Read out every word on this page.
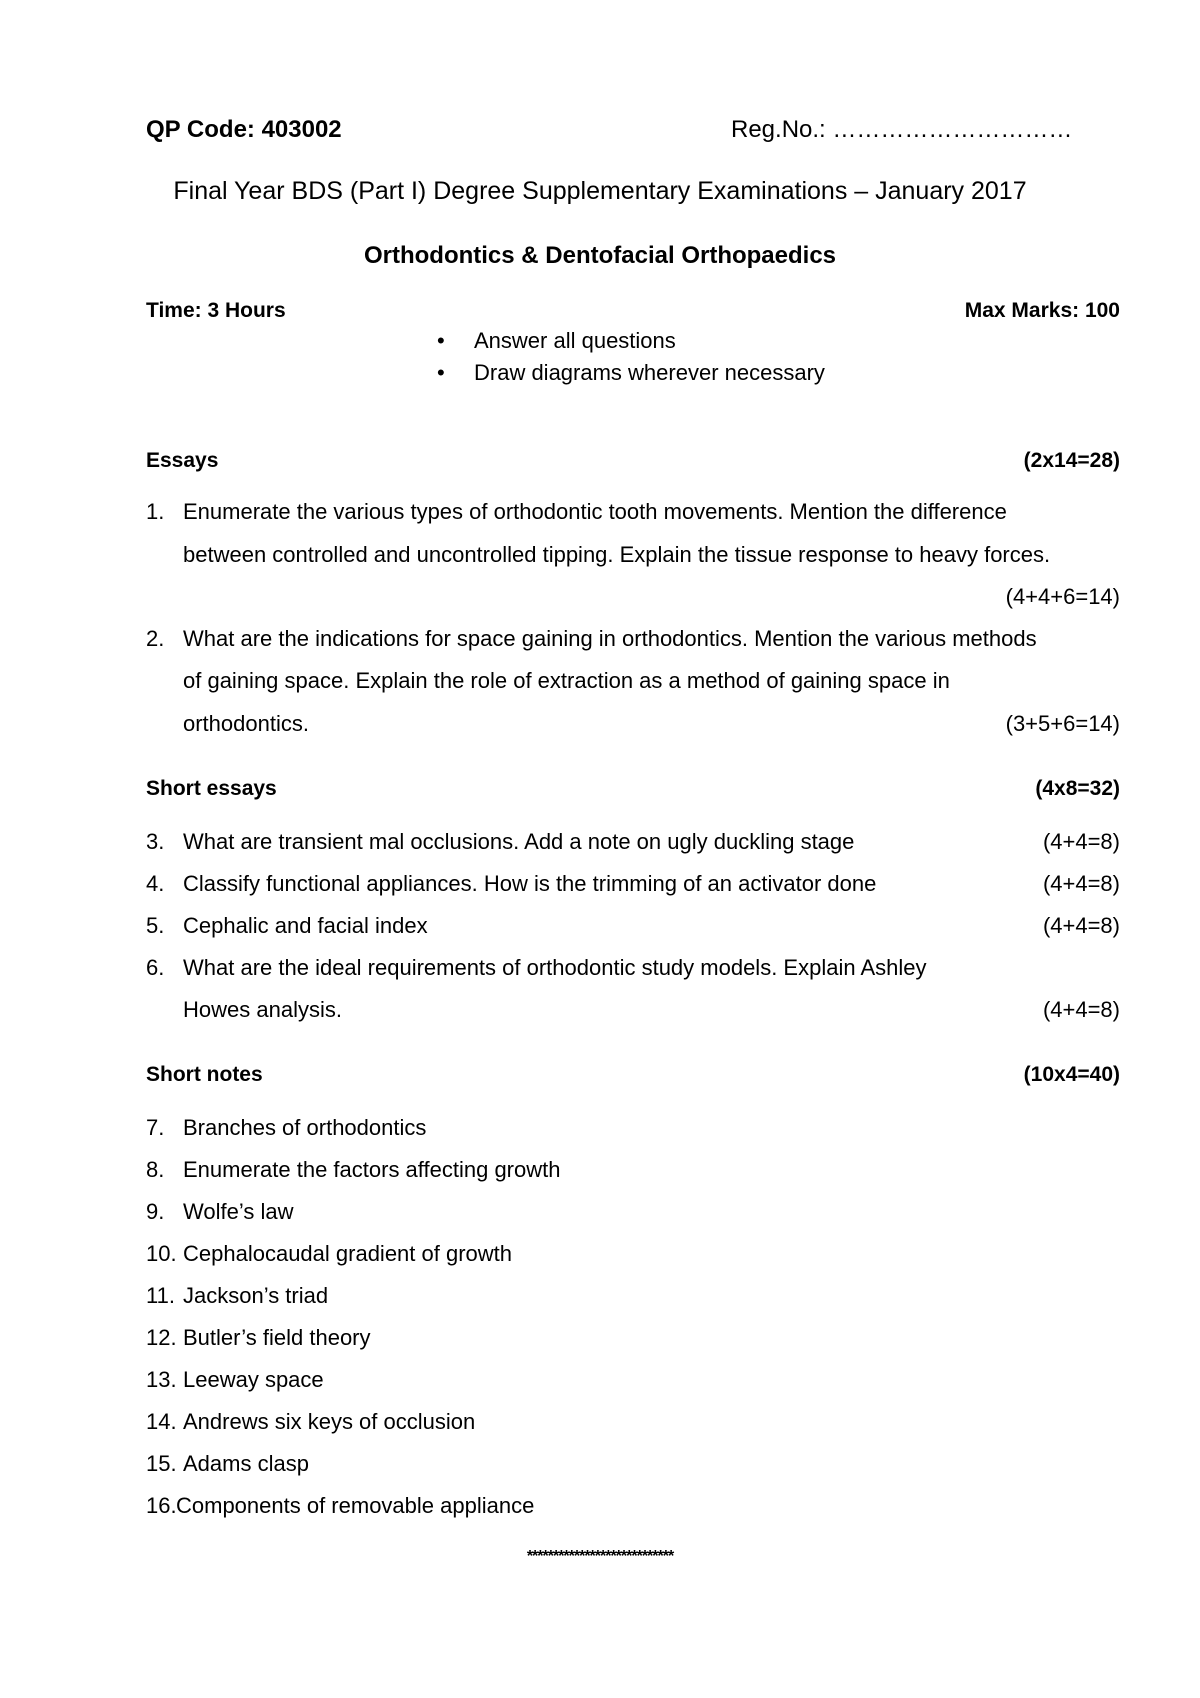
QP Code: 403002	Reg.No.: …………………………
Final Year BDS (Part I) Degree Supplementary Examinations – January 2017
Orthodontics & Dentofacial Orthopaedics
Time: 3 Hours	Max Marks: 100
• Answer all questions
• Draw diagrams wherever necessary
Essays	(2x14=28)
1. Enumerate the various types of orthodontic tooth movements. Mention the difference
between controlled and uncontrolled tipping. Explain the tissue response to heavy forces.
(4+4+6=14)
2. What are the indications for space gaining in orthodontics. Mention the various methods
of gaining space. Explain the role of extraction as a method of gaining space in
orthodontics.	(3+5+6=14)
Short essays	(4x8=32)
3. What are transient mal occlusions. Add a note on ugly duckling stage	(4+4=8)
4. Classify functional appliances. How is the trimming of an activator done	(4+4=8)
5. Cephalic and facial index	(4+4=8)
6. What are the ideal requirements of orthodontic study models. Explain Ashley
Howes analysis.	(4+4=8)
Short notes	(10x4=40)
7. Branches of orthodontics
8. Enumerate the factors affecting growth
9. Wolfe’s law
10. Cephalocaudal gradient of growth
11. Jackson’s triad
12. Butler’s field theory
13. Leeway space
14. Andrews six keys of occlusion
15. Adams clasp
16. Components of removable appliance
****************************
